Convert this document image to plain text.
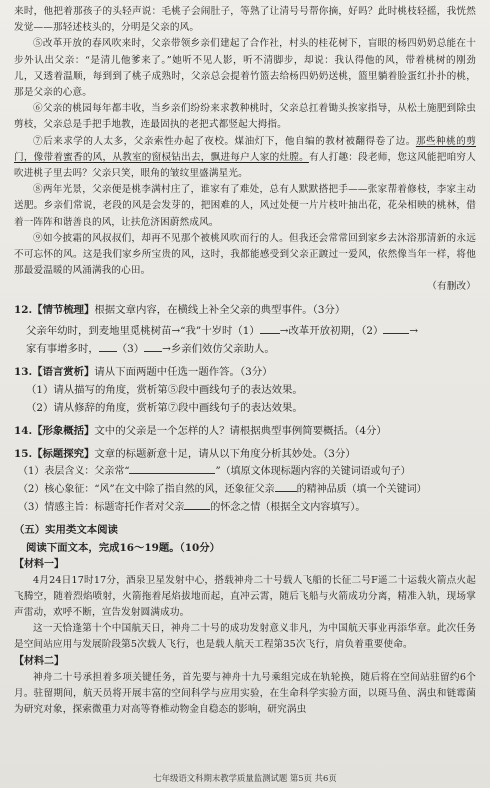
来时，他把着那孩子的头轻声说：毛桃子会闹肚子，等熟了让清号号帮你摘，好吗？此时桃枝轻摇，我恍然发觉——那轻述枝头的，分明是父亲的风。

⑤改革开放的春风吹来时，父亲带领乡亲们建起了合作社，村头的桂花树下，盲眼的杨四奶奶总能在十步外认出父亲：“是清儿他爹来了。”她听不见人影，听不清脚步，却说：我认得他的风，带着桃树的刚劲儿，又透着温顺，每到到了桃子成熟时，父亲总会提着竹篮去给杨四奶奶送桃，篮里躺着脸蛋红扑扑的桃，那是父亲的心意。

⑥父亲的桃园每年都丰收，当乡亲们纷纷来求教种桃时，父亲总扛着锄头挨家指导，从松土施肥到除虫剪枝，父亲总是手把手地教，连最固执的老把式都竖起大拇指。

⑦后来求学的人太多，父亲索性办起了夜校。煤油灯下，他自编的教材被翻得卷了边。那些种桃的剪门，像带着蜜香的风，从教室的窗棂钻出去，飘进每户人家的灶膛。有人打趣：段老师，您这风能把咱穷人吹进桃子里去吗？父亲只笑，眼角的皱纹里盛满星光。

⑧两年光景，父亲便是桃李满村庄了，谁家有了难处，总有人默默搭把手——张家帮着修枝，李家主动送肥。乡亲们常说，老段的风是会发芽的，把困难的人，风过处便一片片枝叶抽出花，花朵相映的桃林，借着一阵阵和谐善良的风，让扶危济困蔚然成风。

⑨如今披霜的风叔叔们，却再不见那个被桃风吹而行的人。但我还会常常回到家乡去沐浴那清新的永远不可忘怀的风。这是我们家乡所宝贵的风，这时，我都能感受到父亲正踱过一爱风，依然像当年一样，将他那最爱温暖的风涌满我的心田。

（有删改）

12.【情节梳理】根据文章内容，在横线上补全父亲的典型事件。（3分）

父亲年幼时，到麦地里觅桃树苗→“我”十岁时（1） →改革开放初期，（2）	→

家有事增多时， （3） →乡亲们效仿父亲助人。

13.【语言赏析】请从下面两题中任选一题作答。（3分）

（1）请从描写的角度，赏析第⑤段中画线句子的表达效果。

（2）请从修辞的角度，赏析第⑦段中画线句子的表达效果。

14.【形象概括】文中的父亲是一个怎样的人？请根据典型事例简要概括。（4分）

15.【标题探究】文章的标题新意十足，请从以下角度分析其妙处。（3分）

（1）表层含义：父亲常“	”（填原文体现标题内容的关键词语或句子）

（2）核心象征：“风”在文中除了指自然的风，还象征父亲 的精神品质（填一个关键词）

（3）情感主旨：标题寄托作者对父亲	的怀念之情（根据全文内容填写）。

（五）实用类文本阅读

阅读下面文本，完成16～19题。（10分）

【材料一】

4月24日17时17分，酒泉卫星发射中心，搭载神舟二十号载人飞船的长征二号F遥二十运载火箭点火起飞腾空，随着烈焰喷射，火箭拖着尾焰拔地而起，直冲云霄，随后飞船与火箭成功分离，精准入轨，现场掌声雷动，欢呼不断，宣告发射圆满成功。

这一天恰逢第十个中国航天日，神舟二十号的成功发射意义非凡，为中国航天事业再添华章。此次任务是空间站应用与发展阶段第5次载人飞行，也是载人航天工程第35次飞行，肩负着重要使命。

【材料二】

神舟二十号承担着多项关键任务，首先要与神舟十九号乘组完成在轨轮换，随后将在空间站驻留约6个月。驻留期间，航天员将开展丰富的空间科学与应用实验，在生命科学实验方面，以斑马鱼、涡虫和链霉菌为研究对象，探索微重力对高等脊椎动物金自稳态的影响，研究涡虫

七年级语文科期末教学质量监测试题 第5页 共6页
